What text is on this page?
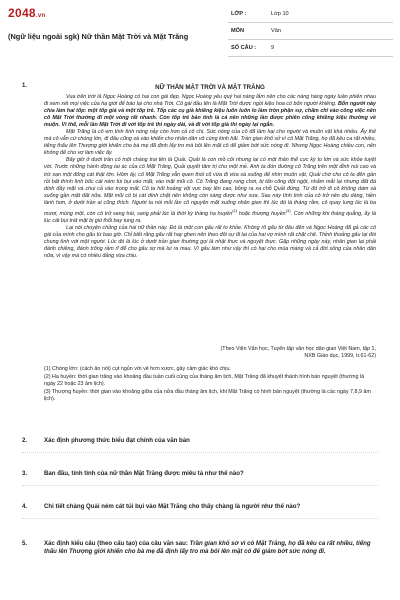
2048.vn
(Ngữ liệu ngoài sgk) Nữ thần Mặt Trời và Mặt Trăng
LỚP :	Lớp 10
MÔN	Văn
SỐ CÂU :	9
1.	NỮ THẦN MẶT TRỜI VÀ MẶT TRĂNG

Vua trên trời là Ngọc Hoàng có hai con gái đẹp. Ngọc Hoàng yêu quý hai nàng lắm nên cho các nàng hàng ngày luân phiên nhau đi xem xét mọi việc của hạ giới để báo lại cho nhà Trời. Cô gái đầu tên là Mặt Trời được ngồi kiệu hoa có bốn người khiêng. Bốn người này chia làm hai tốp: một tốp già và một tốp trẻ. Tốp các cụ già khiêng kiệu luôn luôn lo làm tròn phận sự, chăm chỉ vào công việc nên cô Mặt Trời thường đi một vòng rất nhanh. Còn tốp trẻ bản tính là cả nên những lần được phiên công khiêng kiệu thường về muộn. Vì thế, mỗi lần Mặt Trời đi với tốp trẻ thì ngày dài, và đi với tốp già thì ngày lại ngắn.

Mặt Trăng là cô em tính tình nóng nảy còn hơn cả cô chị. Sức nóng của cô đã làm hại cho người và muôn vật khá nhiều. Ấy thế mà cô vẫn cứ chóng lớn, đi đâu cũng sà vào khiến cho nhân dân vô cùng kinh hãi. Trần gian khổ sở vì cô Mặt Trăng, họ đã kêu ca rất nhiều, tiếng thấu lên Thượng giới khiến cho bà mẹ đã định lấy tro mà bôi lên mặt cô để giảm bớt sức nóng đi. Nhưng Ngọc Hoàng chiều con, nên không để cho vợ làm việc ấy.

Bấy giờ ở dưới trần có một chàng trai tên là Quải. Quải là con mồ côi nhưng lại có một thân thể cực kỳ to lớn và sức khỏe tuyệt vời. Trước những hành động tai ác của cô Mặt Trăng, Quải quyết tâm trị cho một mẻ. Anh ta đón đường cô Trăng trên một đỉnh núi cao và trừ sạn một đống cát thật lớn. Hôm ấy, cô Mặt Trăng vẫn quen thói cũ vừa đi vừa sà xuống để nhìn muôn vật, Quải chờ cho cô ta đến gần rồi bất thình lình bốc cát ném túi bụi vào mặt, vào mặt mũi cô. Cô Trăng đang rong chơi, bị tấn công đột ngột, nhắm mắt lại nhưng đất đá dính đầy mặt và chui cả vào trong mắt. Cô ta hốt hoảng vội vực bay lên cao, bỏng ra xa chỗ Quải đứng. Từ đó trở đi cô không dám sà xuống gần mặt đất nữa. Mặt mũi cô bị cát dính chặt nên không còn sáng được như xưa. Sau này tính tình của cô trở nên dịu dàng, hiền lành hơn, ở dưới trần ai cũng thích. Người ta nói mỗi lần cô nguyên mặt xuống nhân gian thì lúc đó là tháng rằm, cô quay lưng lúc là ba mươi, mùng một, còn cô trở sang trái, sang phải lúc là thời kỳ tháng hạ huyền$^{(2)}$ hoặc thượng huyền$^{(3)}$. Còn những khi tháng quẫng, ấy là lúc cát bụi trát mặt bị gió thổi bay tung ra.

Lại nói chuyện chồng của hai nữ thần này. Đó là một con gấu rất to khỏe. Không rõ gấu từ đâu đến và Ngọc Hoàng đã gả các cô gái của mình cho gấu từ bao giờ. Chỉ biết rằng gấu rất hay ghen nên theo dõi sự đi lại của hai vợ mình rất chặt chẽ. Thỉnh thoảng gấu lại đòi chung tình với một người. Lúc đó là lúc ở dưới trần gian thường gọi là nhật thực và nguyệt thực. Gặp những ngày này, nhân gian lại phải đánh chiêng, đánh trống rầm rĩ để cho gấu sợ mà lui ra mau. Vì gấu làm như vậy thì có hại cho mùa màng và cả đời sống của nhân dân nữa, vì vậy mà có nhiều đảng vừa chịu.

(Theo Viện Văn học, Tuyển tập văn học dân gian Việt Nam, tập 1,
NXB Giáo dục, 1999, tr.61-62)
(1) Chóng lớn: (cách ăn nói) cụt ngủn với vẻ hơn xược, gây cảm giác khó chịu.
(2) Hạ huyền: thời gian trăng vào khoảng đầu tuần cuối cùng của tháng âm lịch, Mặt Trăng đã khuyết thành hình bán nguyệt (thường là ngày 22 hoặc 23 âm lịch).
(3) Thượng huyền: thời gian vào khoảng giữa của nửa đầu tháng âm lịch, khi Mặt Trăng có hình bán nguyệt (thường là các ngày 7,8,9 âm lịch).
2.	Xác định phương thức biểu đạt chính của văn bản
3.	Ban đầu, tính tình của nữ thần Mặt Trăng được miêu tả như thế nào?
4.	Chi tiết chàng Quải ném cát túi bụi vào Mặt Trăng cho thấy chàng là người như thế nào?
5.	Xác định kiểu câu (theo cấu tạo) của câu văn sau: Trần gian khổ sở vì cô Mặt Trăng, họ đã kêu ca rất nhiều, tiếng thấu lên Thượng giới khiến cho bà mẹ đã định lấy tro mà bôi lên mặt cô để giảm bớt sức nóng đi.
